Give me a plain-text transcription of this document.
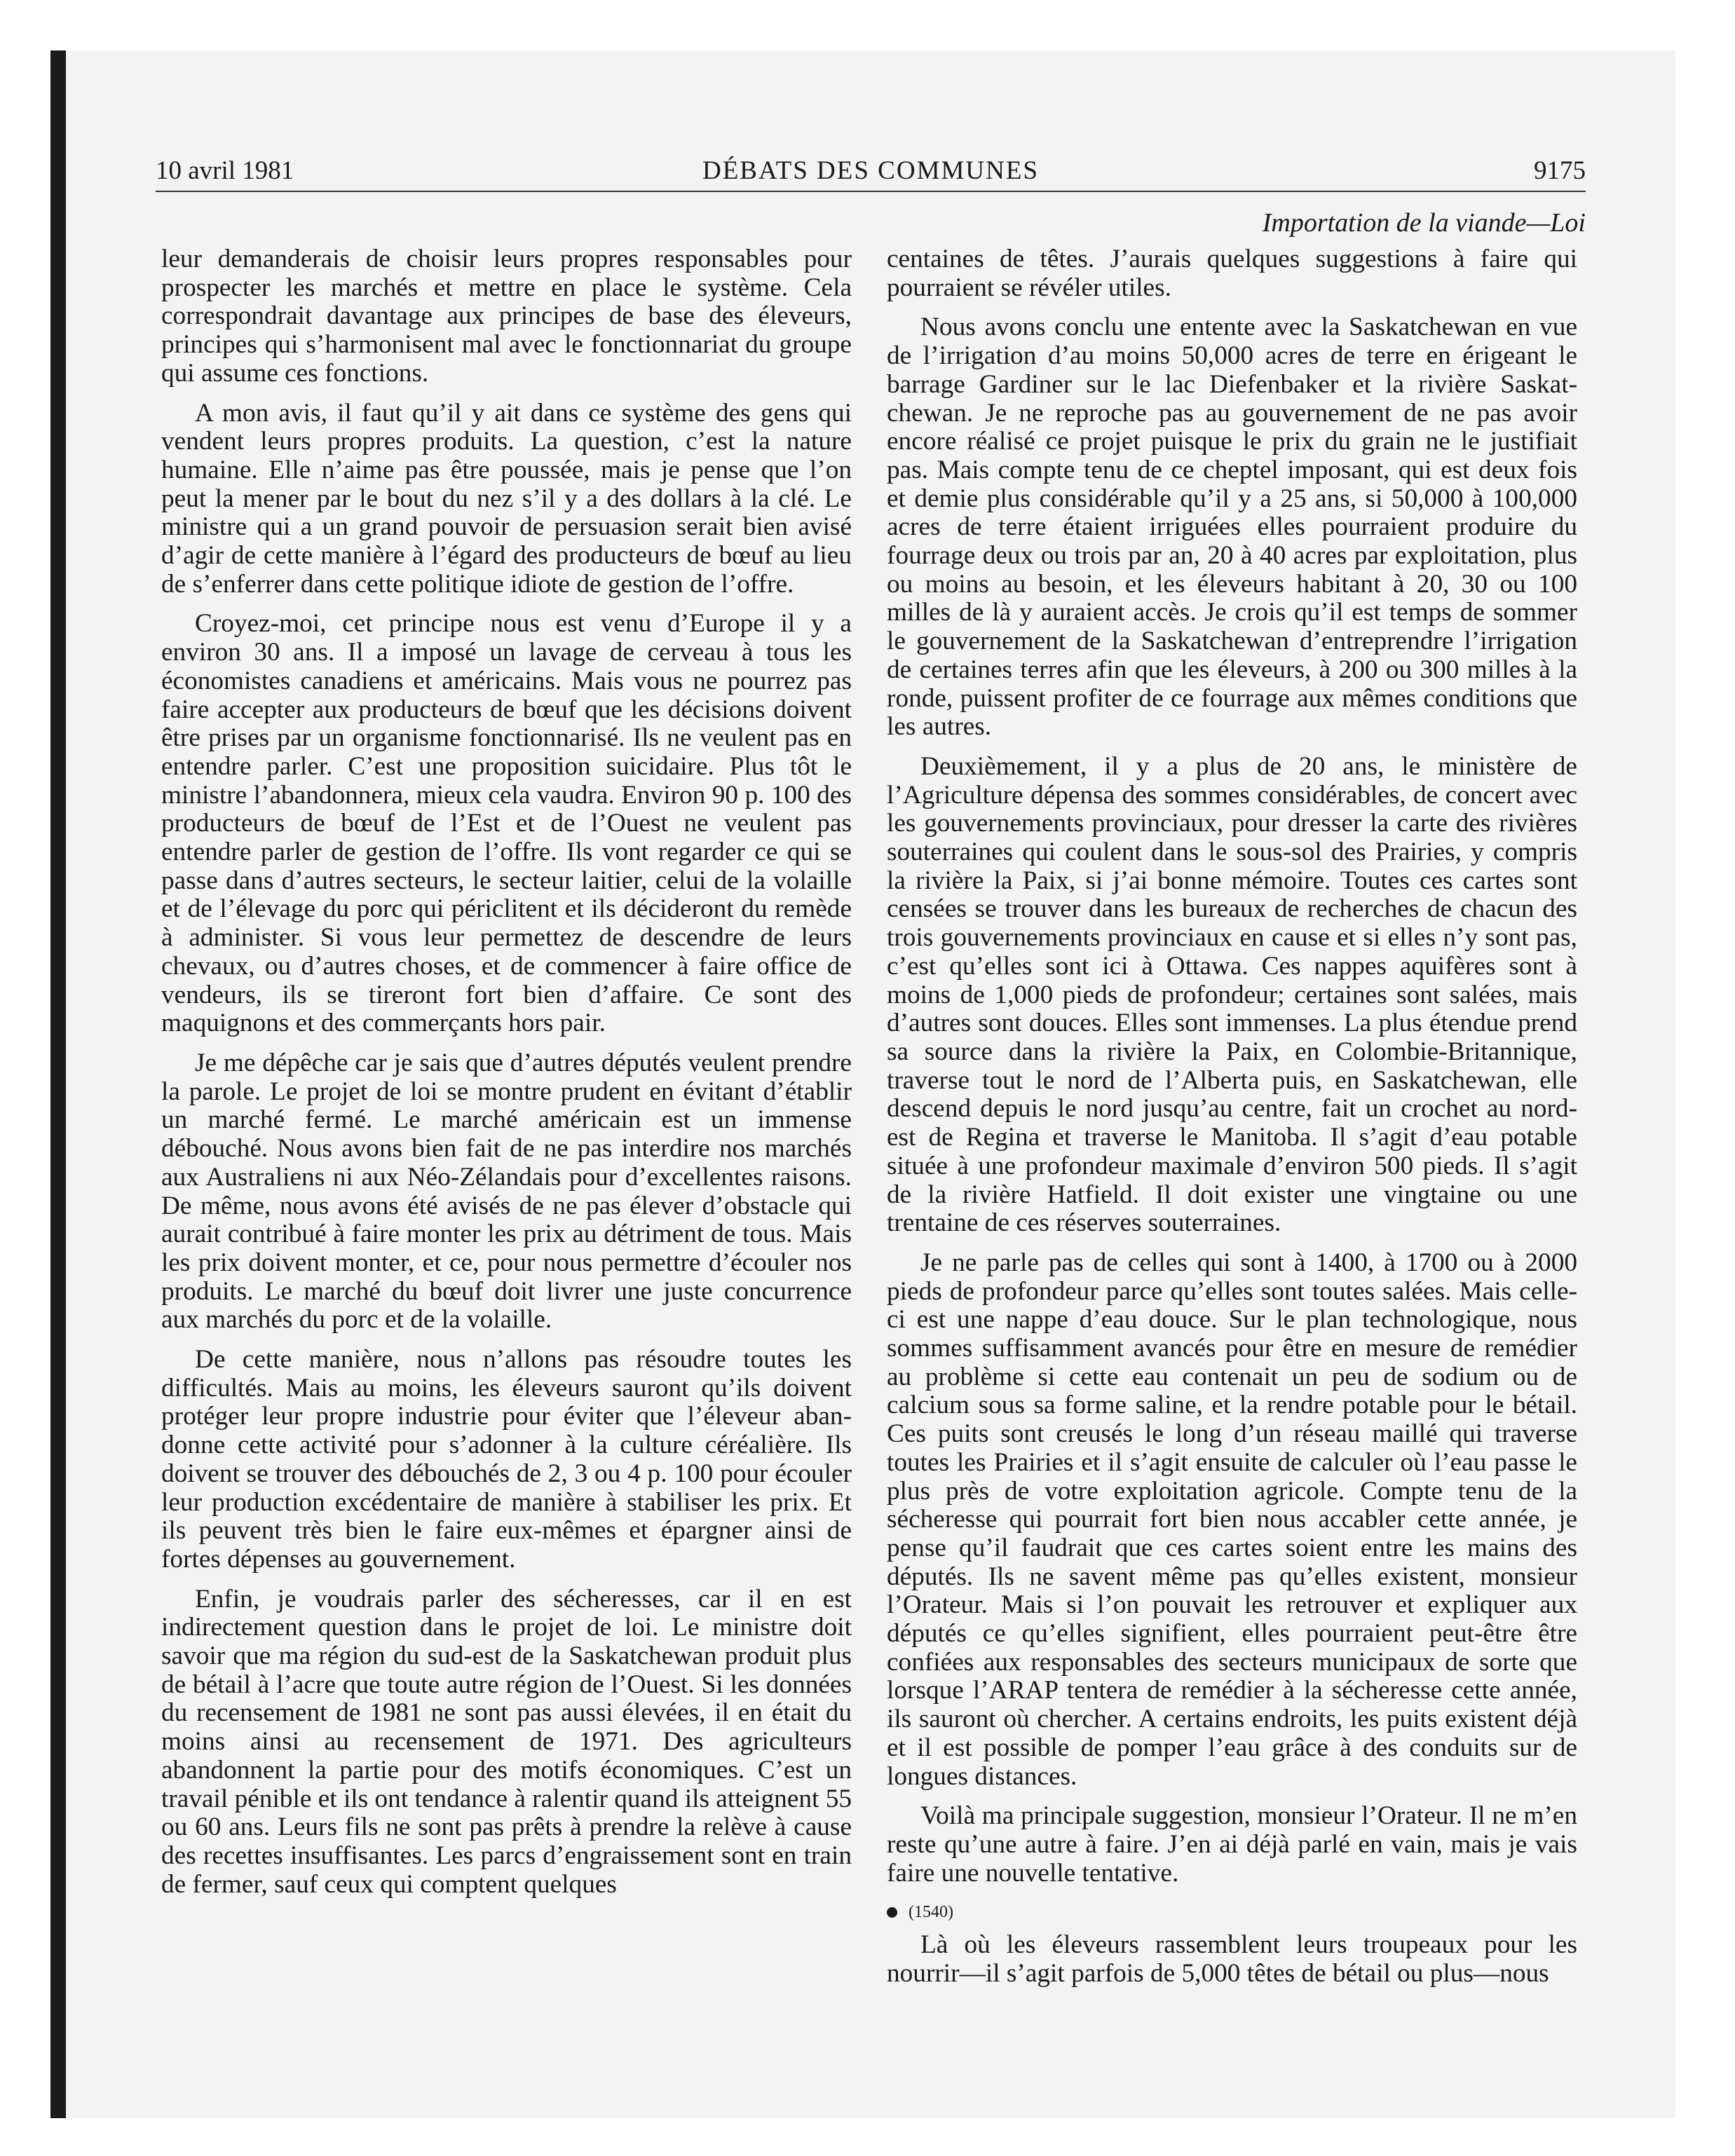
10 avril 1981	DÉBATS DES COMMUNES	9175
Importation de la viande—Loi

leur demanderais de choisir leurs propres responsables pour prospecter les marchés et mettre en place le système. Cela correspondrait davantage aux principes de base des éleveurs, principes qui s’harmonisent mal avec le fonctionnariat du groupe qui assume ces fonctions.

A mon avis, il faut qu’il y ait dans ce système des gens qui vendent leurs propres produits. La question, c’est la nature humaine. Elle n’aime pas être poussée, mais je pense que l’on peut la mener par le bout du nez s’il y a des dollars à la clé. Le ministre qui a un grand pouvoir de persuasion serait bien avisé d’agir de cette manière à l’égard des producteurs de bœuf au lieu de s’enferrer dans cette politique idiote de gestion de l’offre.

Croyez-moi, cet principe nous est venu d’Europe il y a environ 30 ans. Il a imposé un lavage de cerveau à tous les économistes canadiens et américains. Mais vous ne pourrez pas faire accepter aux producteurs de bœuf que les décisions doivent être prises par un organisme fonctionnarisé. Ils ne veulent pas en entendre parler. C’est une proposition suicidaire. Plus tôt le ministre l’abandonnera, mieux cela vaudra. Environ 90 p. 100 des producteurs de bœuf de l’Est et de l’Ouest ne veulent pas entendre parler de gestion de l’offre. Ils vont regarder ce qui se passe dans d’autres secteurs, le secteur laitier, celui de la volaille et de l’élevage du porc qui périclitent et ils décideront du remède à administer. Si vous leur permettez de descendre de leurs chevaux, ou d’autres choses, et de commencer à faire office de vendeurs, ils se tireront fort bien d’affaire. Ce sont des maquignons et des commerçants hors pair.

Je me dépêche car je sais que d’autres députés veulent prendre la parole. Le projet de loi se montre prudent en évitant d’établir un marché fermé. Le marché américain est un immense débouché. Nous avons bien fait de ne pas interdire nos marchés aux Australiens ni aux Néo-Zélandais pour d’excellentes raisons. De même, nous avons été avisés de ne pas élever d’obstacle qui aurait contribué à faire monter les prix au détriment de tous. Mais les prix doivent monter, et ce, pour nous permettre d’écouler nos produits. Le marché du bœuf doit livrer une juste concurrence aux marchés du porc et de la volaille.

De cette manière, nous n’allons pas résoudre toutes les difficultés. Mais au moins, les éleveurs sauront qu’ils doivent protéger leur propre industrie pour éviter que l’éleveur abandonne cette activité pour s’adonner à la culture céréalière. Ils doivent se trouver des débouchés de 2, 3 ou 4 p. 100 pour écouler leur production excédentaire de manière à stabiliser les prix. Et ils peuvent très bien le faire eux-mêmes et épargner ainsi de fortes dépenses au gouvernement.

Enfin, je voudrais parler des sécheresses, car il en est indirectement question dans le projet de loi. Le ministre doit savoir que ma région du sud-est de la Saskatchewan produit plus de bétail à l’acre que toute autre région de l’Ouest. Si les données du recensement de 1981 ne sont pas aussi élevées, il en était du moins ainsi au recensement de 1971. Des agriculteurs abandonnent la partie pour des motifs économiques. C’est un travail pénible et ils ont tendance à ralentir quand ils atteignent 55 ou 60 ans. Leurs fils ne sont pas prêts à prendre la relève à cause des recettes insuffisantes. Les parcs d’engraissement sont en train de fermer, sauf ceux qui comptent quelques

centaines de têtes. J’aurais quelques suggestions à faire qui pourraient se révéler utiles.

Nous avons conclu une entente avec la Saskatchewan en vue de l’irrigation d’au moins 50,000 acres de terre en érigeant le barrage Gardiner sur le lac Diefenbaker et la rivière Saskatchewan. Je ne reproche pas au gouvernement de ne pas avoir encore réalisé ce projet puisque le prix du grain ne le justifiait pas. Mais compte tenu de ce cheptel imposant, qui est deux fois et demie plus considérable qu’il y a 25 ans, si 50,000 à 100,000 acres de terre étaient irriguées elles pourraient produire du fourrage deux ou trois par an, 20 à 40 acres par exploitation, plus ou moins au besoin, et les éleveurs habitant à 20, 30 ou 100 milles de là y auraient accès. Je crois qu’il est temps de sommer le gouvernement de la Saskatchewan d’entreprendre l’irrigation de certaines terres afin que les éleveurs, à 200 ou 300 milles à la ronde, puissent profiter de ce fourrage aux mêmes conditions que les autres.

Deuxièmement, il y a plus de 20 ans, le ministère de l’Agriculture dépensa des sommes considérables, de concert avec les gouvernements provinciaux, pour dresser la carte des rivières souterraines qui coulent dans le sous-sol des Prairies, y compris la rivière la Paix, si j’ai bonne mémoire. Toutes ces cartes sont censées se trouver dans les bureaux de recherches de chacun des trois gouvernements provinciaux en cause et si elles n’y sont pas, c’est qu’elles sont ici à Ottawa. Ces nappes aquifères sont à moins de 1,000 pieds de profondeur; certaines sont salées, mais d’autres sont douces. Elles sont immenses. La plus étendue prend sa source dans la rivière la Paix, en Colombie-Britannique, traverse tout le nord de l’Alberta puis, en Saskatchewan, elle descend depuis le nord jusqu’au centre, fait un crochet au nord-est de Regina et traverse le Manitoba. Il s’agit d’eau potable située à une profondeur maximale d’environ 500 pieds. Il s’agit de la rivière Hatfield. Il doit exister une vingtaine ou une trentaine de ces réserves souterraines.

Je ne parle pas de celles qui sont à 1400, à 1700 ou à 2000 pieds de profondeur parce qu’elles sont toutes salées. Mais celle-ci est une nappe d’eau douce. Sur le plan technologique, nous sommes suffisamment avancés pour être en mesure de remédier au problème si cette eau contenait un peu de sodium ou de calcium sous sa forme saline, et la rendre potable pour le bétail. Ces puits sont creusés le long d’un réseau maillé qui traverse toutes les Prairies et il s’agit ensuite de calculer où l’eau passe le plus près de votre exploitation agricole. Compte tenu de la sécheresse qui pourrait fort bien nous accabler cette année, je pense qu’il faudrait que ces cartes soient entre les mains des députés. Ils ne savent même pas qu’elles existent, monsieur l’Orateur. Mais si l’on pouvait les retrouver et expliquer aux députés ce qu’elles signifient, elles pourraient peut-être être confiées aux responsables des secteurs municipaux de sorte que lorsque l’ARAP tentera de remédier à la sécheresse cette année, ils sauront où chercher. A certains endroits, les puits existent déjà et il est possible de pomper l’eau grâce à des conduits sur de longues distances.

Voilà ma principale suggestion, monsieur l’Orateur. Il ne m’en reste qu’une autre à faire. J’en ai déjà parlé en vain, mais je vais faire une nouvelle tentative.

(1540)

Là où les éleveurs rassemblent leurs troupeaux pour les nourrir—il s’agit parfois de 5,000 têtes de bétail ou plus—nous
